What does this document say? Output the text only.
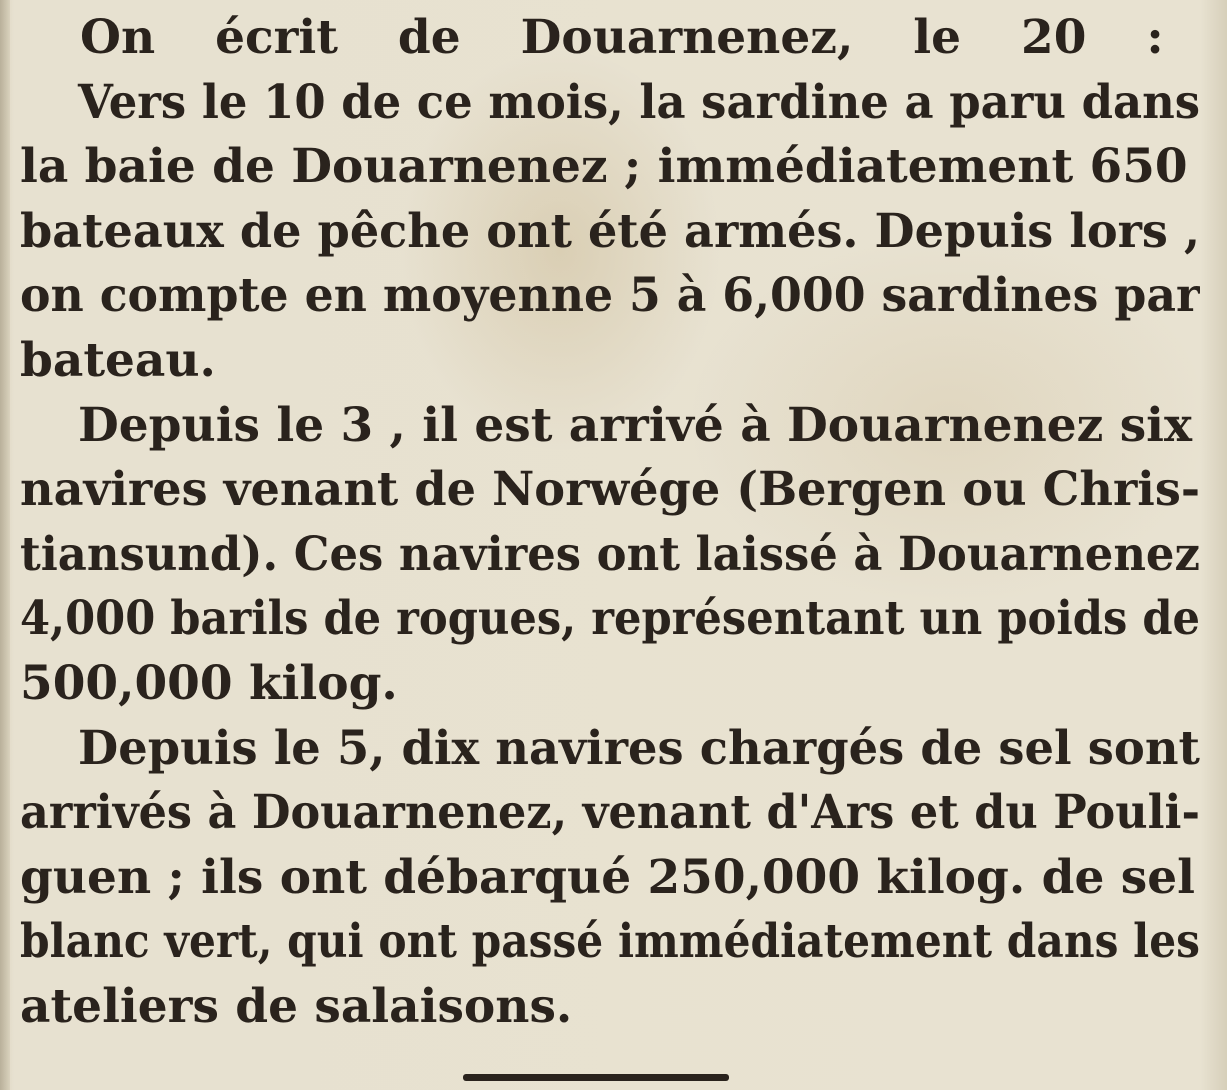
On écrit de Douarnenez, le 20 :
Vers le 10 de ce mois, la sardine a paru dans
la baie de Douarnenez ; immédiatement 650
bateaux de pêche ont été armés. Depuis lors ,
on compte en moyenne 5 à 6,000 sardines par
bateau.
Depuis le 3 , il est arrivé à Douarnenez six
navires venant de Norwége (Bergen ou Chris-
tiansund). Ces navires ont laissé à Douarnenez
4,000 barils de rogues, représentant un poids de
500,000 kilog.
Depuis le 5, dix navires chargés de sel sont
arrivés à Douarnenez, venant d'Ars et du Pouli-
guen ; ils ont débarqué 250,000 kilog. de sel
blanc vert, qui ont passé immédiatement dans les
ateliers de salaisons.
